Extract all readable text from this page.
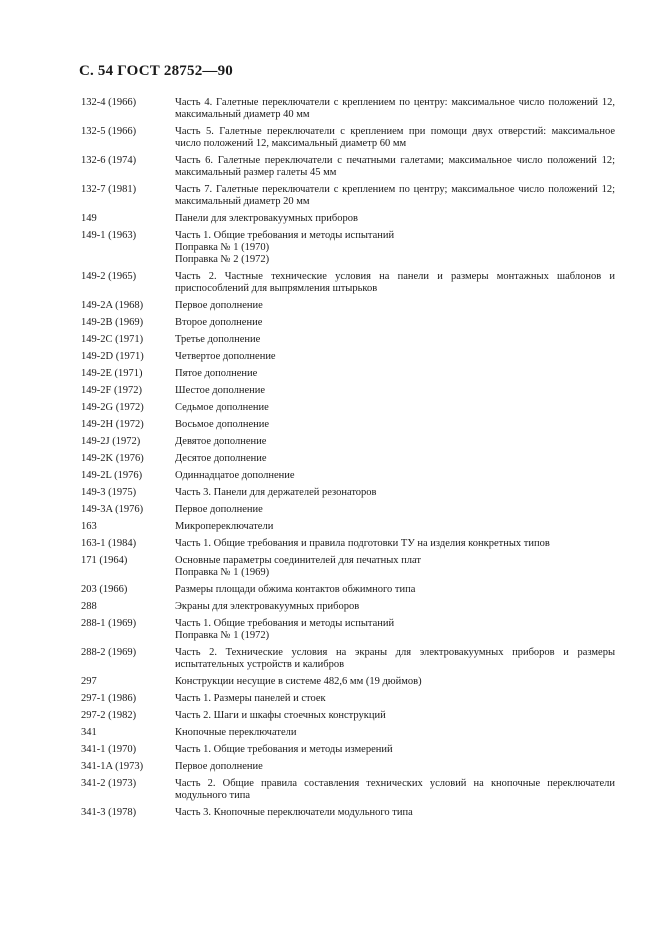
С. 54 ГОСТ 28752—90
132-4 (1966)	Часть 4. Галетные переключатели с креплением по центру: максимальное число положений 12, максимальный диаметр 40 мм
132-5 (1966)	Часть 5. Галетные переключатели с креплением при помощи двух отверстий: максимальное число положений 12, максимальный диаметр 60 мм
132-6 (1974)	Часть 6. Галетные переключатели с печатными галетами; максимальное число положений 12; максимальный размер галеты 45 мм
132-7 (1981)	Часть 7. Галетные переключатели с креплением по центру; максимальное число положений 12; максимальный диаметр 20 мм
149	Панели для электровакуумных приборов
149-1 (1963)	Часть 1. Общие требования и методы испытаний
Поправка № 1 (1970)
Поправка № 2 (1972)
149-2 (1965)	Часть 2. Частные технические условия на панели и размеры монтажных шаблонов и приспособлений для выпрямления штырьков
149-2A (1968)	Первое дополнение
149-2B (1969)	Второе дополнение
149-2C (1971)	Третье дополнение
149-2D (1971)	Четвертое дополнение
149-2E (1971)	Пятое дополнение
149-2F (1972)	Шестое дополнение
149-2G (1972)	Седьмое дополнение
149-2H (1972)	Восьмое дополнение
149-2J (1972)	Девятое дополнение
149-2K (1976)	Десятое дополнение
149-2L (1976)	Одиннадцатое дополнение
149-3 (1975)	Часть 3. Панели для держателей резонаторов
149-3A (1976)	Первое дополнение
163	Микропереключатели
163-1 (1984)	Часть 1. Общие требования и правила подготовки ТУ на изделия конкретных типов
171 (1964)	Основные параметры соединителей для печатных плат
Поправка № 1 (1969)
203 (1966)	Размеры площади обжима контактов обжимного типа
288	Экраны для электровакуумных приборов
288-1 (1969)	Часть 1. Общие требования и методы испытаний
Поправка № 1 (1972)
288-2 (1969)	Часть 2. Технические условия на экраны для электровакуумных приборов и размеры испытательных устройств и калибров
297	Конструкции несущие в системе 482,6 мм (19 дюймов)
297-1 (1986)	Часть 1. Размеры панелей и стоек
297-2 (1982)	Часть 2. Шаги и шкафы стоечных конструкций
341	Кнопочные переключатели
341-1 (1970)	Часть 1. Общие требования и методы измерений
341-1A (1973)	Первое дополнение
341-2 (1973)	Часть 2. Общие правила составления технических условий на кнопочные переключатели модульного типа
341-3 (1978)	Часть 3. Кнопочные переключатели модульного типа
